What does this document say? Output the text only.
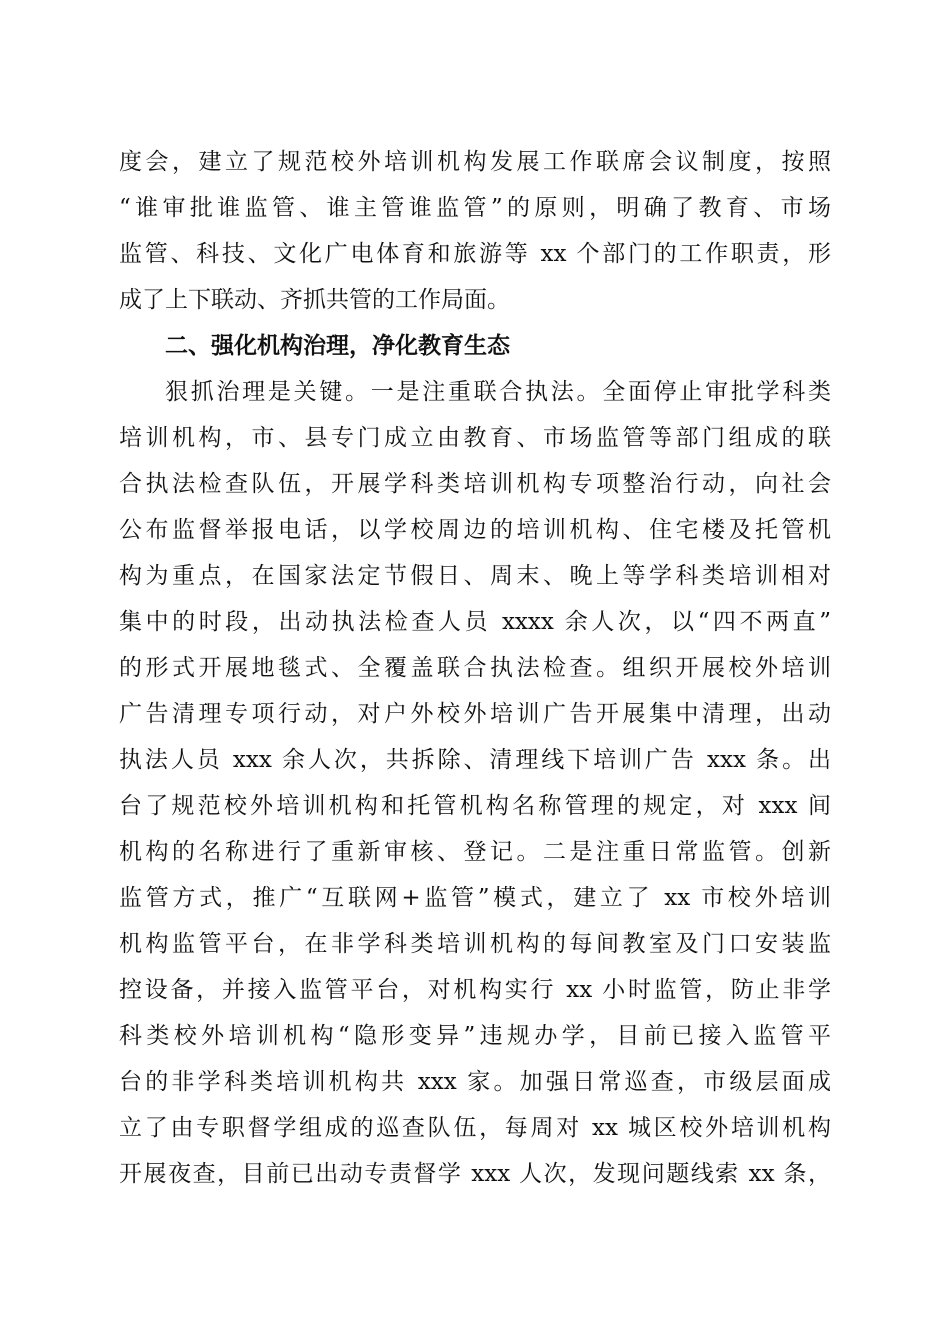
度会，建立了规范校外培训机构发展工作联席会议制度，按照
“谁审批谁监管、谁主管谁监管”的原则，明确了教育、市场
监管、科技、文化广电体育和旅游等 xx 个部门的工作职责，形
成了上下联动、齐抓共管的工作局面。
二、强化机构治理，净化教育生态
狠抓治理是关键。一是注重联合执法。全面停止审批学科类
培训机构，市、县专门成立由教育、市场监管等部门组成的联
合执法检查队伍，开展学科类培训机构专项整治行动，向社会
公布监督举报电话，以学校周边的培训机构、住宅楼及托管机
构为重点，在国家法定节假日、周末、晚上等学科类培训相对
集中的时段，出动执法检查人员 xxxx 余人次，以“四不两直”
的形式开展地毯式、全覆盖联合执法检查。组织开展校外培训
广告清理专项行动，对户外校外培训广告开展集中清理，出动
执法人员 xxx 余人次，共拆除、清理线下培训广告 xxx 条。出
台了规范校外培训机构和托管机构名称管理的规定，对 xxx 间
机构的名称进行了重新审核、登记。二是注重日常监管。创新
监管方式，推广“互联网+监管”模式，建立了 xx 市校外培训
机构监管平台，在非学科类培训机构的每间教室及门口安装监
控设备，并接入监管平台，对机构实行 xx 小时监管，防止非学
科类校外培训机构“隐形变异”违规办学，目前已接入监管平
台的非学科类培训机构共 xxx 家。加强日常巡查，市级层面成
立了由专职督学组成的巡查队伍，每周对 xx 城区校外培训机构
开展夜查，目前已出动专责督学 xxx 人次，发现问题线索 xx 条，
